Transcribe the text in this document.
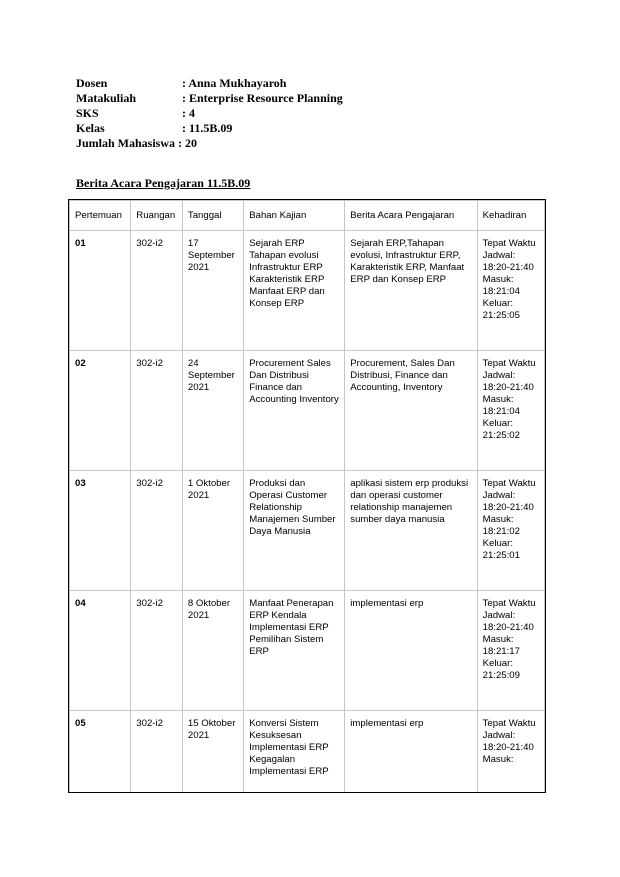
Dosen	: Anna Mukhayaroh
Matakuliah	: Enterprise Resource Planning
SKS	: 4
Kelas	: 11.5B.09
Jumlah Mahasiswa : 20
Berita Acara Pengajaran 11.5B.09
Pertemuan	Ruangan	Tanggal	Bahan Kajian	Berita Acara Pengajaran	Kehadiran
01	302-i2	17 September 2021	Sejarah ERP
Tahapan evolusi Infrastruktur ERP
Karakteristik ERP
Manfaat ERP dan Konsep ERP	Sejarah ERP,Tahapan evolusi, Infrastruktur ERP, Karakteristik ERP, Manfaat ERP dan Konsep ERP	Tepat Waktu
Jadwal: 18:20-21:40
Masuk: 18:21:04
Keluar: 21:25:05

02	302-i2	24 September 2021	Procurement Sales Dan Distribusi Finance dan Accounting Inventory	Procurement, Sales Dan Distribusi, Finance dan Accounting, Inventory	Tepat Waktu
Jadwal: 18:20-21:40
Masuk: 18:21:04
Keluar: 21:25:02

03	302-i2	1 Oktober 2021	Produksi dan Operasi Customer Relationship Manajemen Sumber Daya Manusia	aplikasi sistem erp produksi dan operasi customer relationship manajemen sumber daya manusia	Tepat Waktu
Jadwal: 18:20-21:40
Masuk: 18:21:02
Keluar: 21:25:01

04	302-i2	8 Oktober 2021	Manfaat Penerapan ERP Kendala Implementasi ERP Pemilihan Sistem ERP	implementasi erp	Tepat Waktu
Jadwal: 18:20-21:40
Masuk: 18:21:17
Keluar: 21:25:09

05	302-i2	15 Oktober 2021	Konversi Sistem Kesuksesan Implementasi ERP Kegagalan Implementasi ERP	implementasi erp	Tepat Waktu
Jadwal: 18:20-21:40
Masuk:
